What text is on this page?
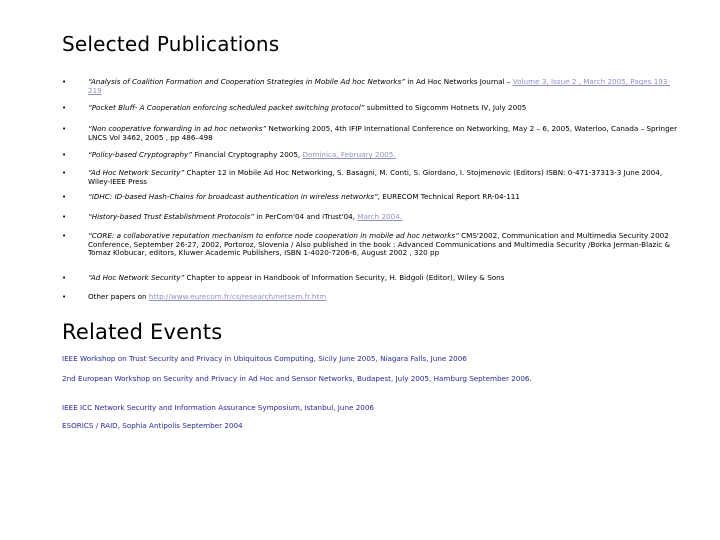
Selected Publications
•	“Analysis of Coalition Formation and Cooperation Strategies in Mobile Ad hoc Networks” in Ad Hoc Networks Journal – Volume 3, Issue 2 , March 2005, Pages 193-219
•	“Pocket Bluff- A Cooperation enforcing scheduled packet switching protocol” submitted to Sigcomm Hotnets IV, July 2005
•	“Non cooperative forwarding in ad hoc networks” Networking 2005, 4th IFIP International Conference on Networking, May 2 – 6, 2005, Waterloo, Canada – Springer LNCS Vol 3462, 2005 , pp 486–498
•	“Policy-based Cryptography” Financial Cryptography 2005, Dominica, February 2005.
•	“Ad Hoc Network Security” Chapter 12 in Mobile Ad Hoc Networking, S. Basagni, M. Conti, S. Giordano, I. Stojmenovic (Editors) ISBN: 0-471-37313-3 June 2004, Wiley-IEEE Press
•	“IDHC: ID-based Hash-Chains for broadcast authentication in wireless networks”, EURECOM Technical Report RR-04-111
•	“History-based Trust Establishment Protocols” in PerCom'04 and iTrust'04, March 2004.
•	“CORE: a collaborative reputation mechanism to enforce node cooperation in mobile ad hoc networks” CMS'2002, Communication and Multimedia Security 2002 Conference, September 26-27, 2002, Portoroz, Slovenia / Also published in the book : Advanced Communications and Multimedia Security /Borka Jerman-Blazic & Tomaz Klobucar, editors, Kluwer Academic Publishers, ISBN 1-4020-7206-6, August 2002 , 320 pp
•	“Ad Hoc Network Security” Chapter to appear in Handbook of Information Security, H. Bidgoli (Editor), Wiley & Sons
•	Other papers on http://www.eurecom.fr/cs/research/netsem.fr.htm
Related Events
IEEE Workshop on Trust Security and Privacy in Ubiquitous Computing, Sicily June 2005, Niagara Falls, June 2006
2nd European Workshop on Security and Privacy in Ad Hoc and Sensor Networks, Budapest, July 2005, Hamburg September 2006.
IEEE ICC Network Security and Information Assurance Symposium, Istanbul, June 2006
ESORICS / RAID, Sophia Antipolis September 2004
